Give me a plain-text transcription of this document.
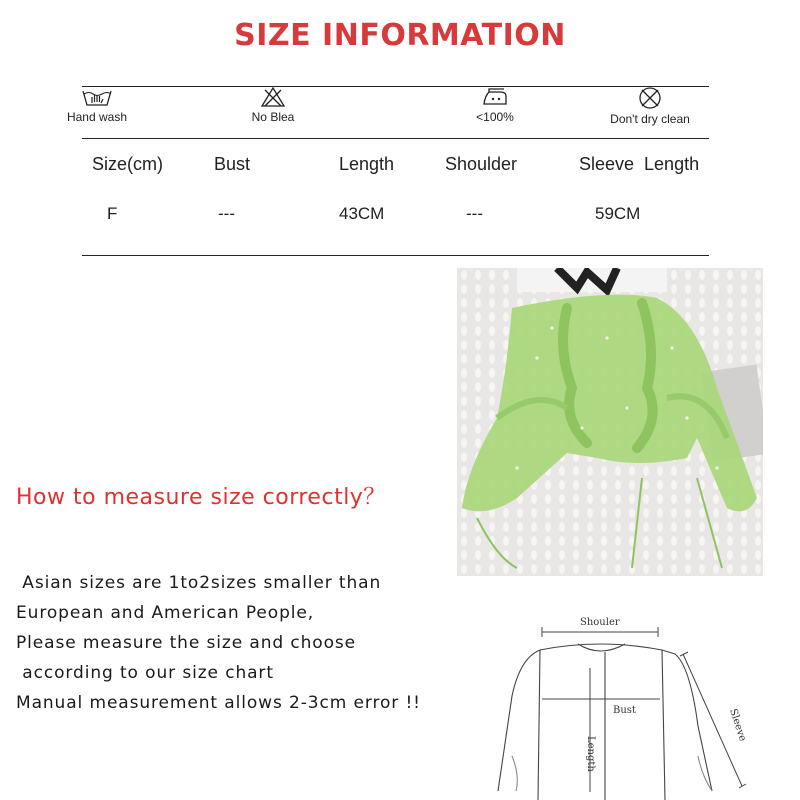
SIZE INFORMATION
Hand wash	No Blea	<100%	Don't dry clean
Size(cm)	Bust	Length	Shoulder	Sleeve  Length
F	---	43CM	---	59CM
How to measure size correctly？
Asian sizes are 1to2sizes smaller than
European and American People,
Please measure the size and choose
according to our size chart
Manual measurement allows 2-3cm error !!
Shouler
Bust
Length
Sleeve
